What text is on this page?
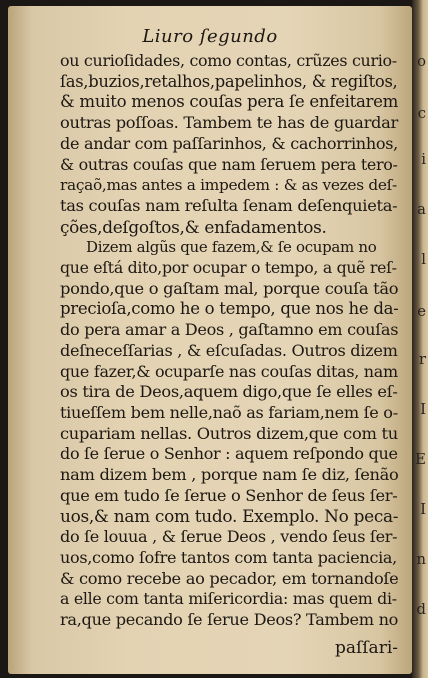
Liuro ſegundo
ou curioſidades, como contas, crũzes curio-
ſas,buzios,retalhos,papelinhos, & regiſtos,
& muito menos couſas pera ſe enfeitarem
outras poſſoas. Tambem te has de guardar
de andar com paſſarinhos, & cachorrinhos,
& outras couſas que nam ſeruem pera tero-
raçaõ,mas antes a impedem : & as vezes deſ-
tas couſas nam reſulta ſenam deſenquieta-
ções,deſgoſtos,& enfadamentos.
Dizem algũs que fazem,& ſe ocupam no
que eſtá dito,por ocupar o tempo, a quẽ reſ-
pondo,que o gaſtam mal, porque couſa tão
precioſa,como he o tempo, que nos he da-
do pera amar a Deos , gaſtamno em couſas
deſneceſſarias , & eſcuſadas. Outros dizem
que fazer,& ocuparſe nas couſas ditas, nam
os tira de Deos,aquem digo,que ſe elles eſ-
tiueſſem bem nelle,naõ as fariam,nem ſe o-
cupariam nellas. Outros dizem,que com tu
do ſe ſerue o Senhor : aquem reſpondo que
nam dizem bem , porque nam ſe diz, ſenão
que em tudo ſe ſerue o Senhor de ſeus ſer-
uos,& nam com tudo. Exemplo. No peca-
do ſe louua , & ſerue Deos , vendo ſeus ſer-
uos,como ſofre tantos com tanta paciencia,
& como recebe ao pecador, em tornandoſe
a elle com tanta miſericordia: mas quem di-
ra,que pecando ſe ſerue Deos? Tambem no
paſſari-
o
c
i
a
l
e
r
I
E
I
n
d
